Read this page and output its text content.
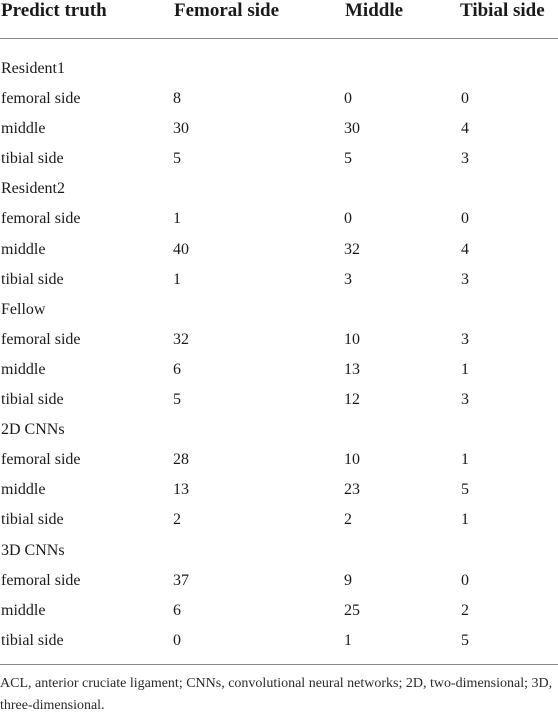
Predict truth	Femoral side	Middle	Tibial side
Resident1
femoral side	8	0	0
middle	30	30	4
tibial side	5	5	3
Resident2
femoral side	1	0	0
middle	40	32	4
tibial side	1	3	3
Fellow
femoral side	32	10	3
middle	6	13	1
tibial side	5	12	3
2D CNNs
femoral side	28	10	1
middle	13	23	5
tibial side	2	2	1
3D CNNs
femoral side	37	9	0
middle	6	25	2
tibial side	0	1	5
ACL, anterior cruciate ligament; CNNs, convolutional neural networks; 2D, two-dimensional; 3D, three-dimensional.
